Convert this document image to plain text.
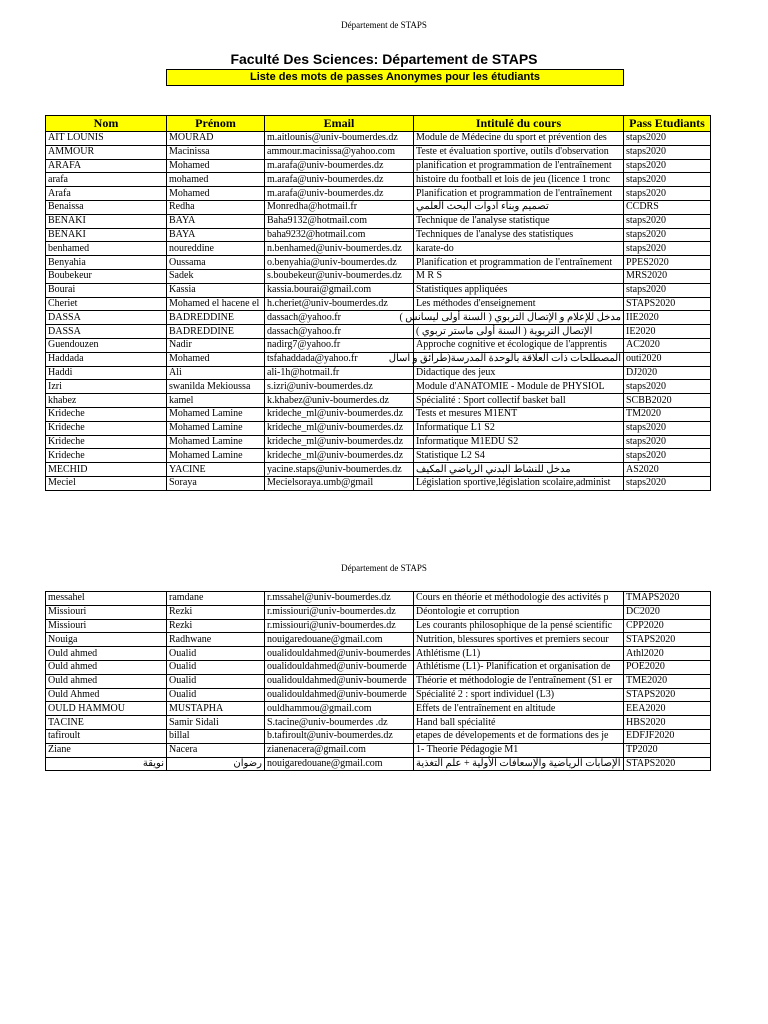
Département de STAPS
Faculté Des Sciences: Département de STAPS
Liste des mots de passes Anonymes pour les étudiants
Nom	Prénom	Email	Intitulé du cours	Pass Etudiants
AIT LOUNIS	MOURAD	m.aitlounis@univ-boumerdes.dz	Module de Médecine du sport et prévention des	staps2020
AMMOUR	Macinissa	ammour.macinissa@yahoo.com	Teste et évaluation sportive, outils d'observation	staps2020
ARAFA	Mohamed	m.arafa@univ-boumerdes.dz	planification et programmation de l'entraînement	staps2020
arafa	mohamed	m.arafa@univ-boumerdes.dz	histoire du football et lois de jeu (licence 1 tronc	staps2020
Arafa	Mohamed	m.arafa@univ-boumerdes.dz	Planification et programmation de l'entraînement	staps2020
Benaissa	Redha	Monredha@hotmail.fr	تصميم وبناء ادوات البحث العلمي	CCDRS
BENAKI	BAYA	Baha9132@hotmail.com	Technique de l'analyse statistique	staps2020
BENAKI	BAYA	baha9232@hotmail.com	Techniques de l'analyse des statistiques	staps2020
benhamed	noureddine	n.benhamed@univ-boumerdes.dz	karate-do	staps2020
Benyahia	Oussama	o.benyahia@univ-boumerdes.dz	Planification et programmation de l'entraînement	PPES2020
Boubekeur	Sadek	s.boubekeur@univ-boumerdes.dz	M R S	MRS2020
Bourai	Kassia	kassia.bourai@gmail.com	Statistiques appliquées	staps2020
Cheriet	Mohamed el hacene el	h.cheriet@univ-boumerdes.dz	Les méthodes d'enseignement	STAPS2020
DASSA	BADREDDINE	dassach@yahoo.fr	مدخل للإعلام و الإتصال التربوي ( السنة أولى ليسانس )	IIE2020
DASSA	BADREDDINE	dassach@yahoo.fr	الإتصال التربوية ( السنة أولى ماستر تربوي )	IE2020
Guendouzen	Nadir	nadirg7@yahoo.fr	Approche cognitive et écologique de l'apprentis	AC2020
Haddada	Mohamed	tsfahaddada@yahoo.fr	المصطلحات ذات العلاقة بالوحدة المدرسة(طرائق و اسال	outi2020
Haddi	Ali	ali-1h@hotmail.fr	Didactique des jeux	DJ2020
Izri	swanilda Mekioussa	s.izri@univ-boumerdes.dz	Module d'ANATOMIE - Module de PHYSIOL	staps2020
khabez	kamel	k.khabez@univ-boumerdes.dz	Spécialité : Sport collectif basket ball	SCBB2020
Krideche	Mohamed Lamine	krideche_ml@univ-boumerdes.dz	Tests et mesures M1ENT	TM2020
Krideche	Mohamed Lamine	krideche_ml@univ-boumerdes.dz	Informatique L1 S2	staps2020
Krideche	Mohamed Lamine	krideche_ml@univ-boumerdes.dz	Informatique M1EDU S2	staps2020
Krideche	Mohamed Lamine	krideche_ml@univ-boumerdes.dz	Statistique L2 S4	staps2020
MECHID	YACINE	yacine.staps@univ-boumerdes.dz	مدخل للنشاط البدني الرياضي المكيف	AS2020
Meciel	Soraya	Mecielsoraya.umb@gmail	Législation sportive,législation scolaire,administ	staps2020
Département de STAPS
messahel	ramdane	r.mssahel@univ-boumerdes.dz	Cours en théorie et méthodologie des activités p	TMAPS2020
Missiouri	Rezki	r.missiouri@univ-boumerdes.dz	Déontologie et corruption	DC2020
Missiouri	Rezki	r.missiouri@univ-boumerdes.dz	Les courants philosophique de la pensé scientific	CPP2020
Nouiga	Radhwane	nouigaredouane@gmail.com	Nutrition, blessures sportives et premiers secour	STAPS2020
Ould ahmed	Oualid	oualidouldahmed@univ-boumerdes	Athlétisme (L1)	Athl2020
Ould ahmed	Oualid	oualidouldahmed@univ-boumerde	Athlétisme (L1)- Planification et organisation de	POE2020
Ould ahmed	Oualid	oualidouldahmed@univ-boumerde	Théorie et méthodologie de l'entraînement (S1 er	TME2020
Ould Ahmed	Oualid	oualidouldahmed@univ-boumerde	Spécialité 2 : sport individuel (L3)	STAPS2020
OULD HAMMOU	MUSTAPHA	ouldhammou@gmail.com	Effets de l'entraînement en altitude	EEA2020
TACINE	Samir Sidali	S.tacine@univ-boumerdes .dz	Hand ball spécialité	HBS2020
tafiroult	billal	b.tafiroult@univ-boumerdes.dz	etapes de dévelopements et de formations des je	EDFJF2020
Ziane	Nacera	zianenacera@gmail.com	1- Theorie Pédagogie M1	TP2020
نويقة	رضوان	nouigaredouane@gmail.com	الإصابات الرياضية والإسعافات الأولية + علم التغذية	STAPS2020
